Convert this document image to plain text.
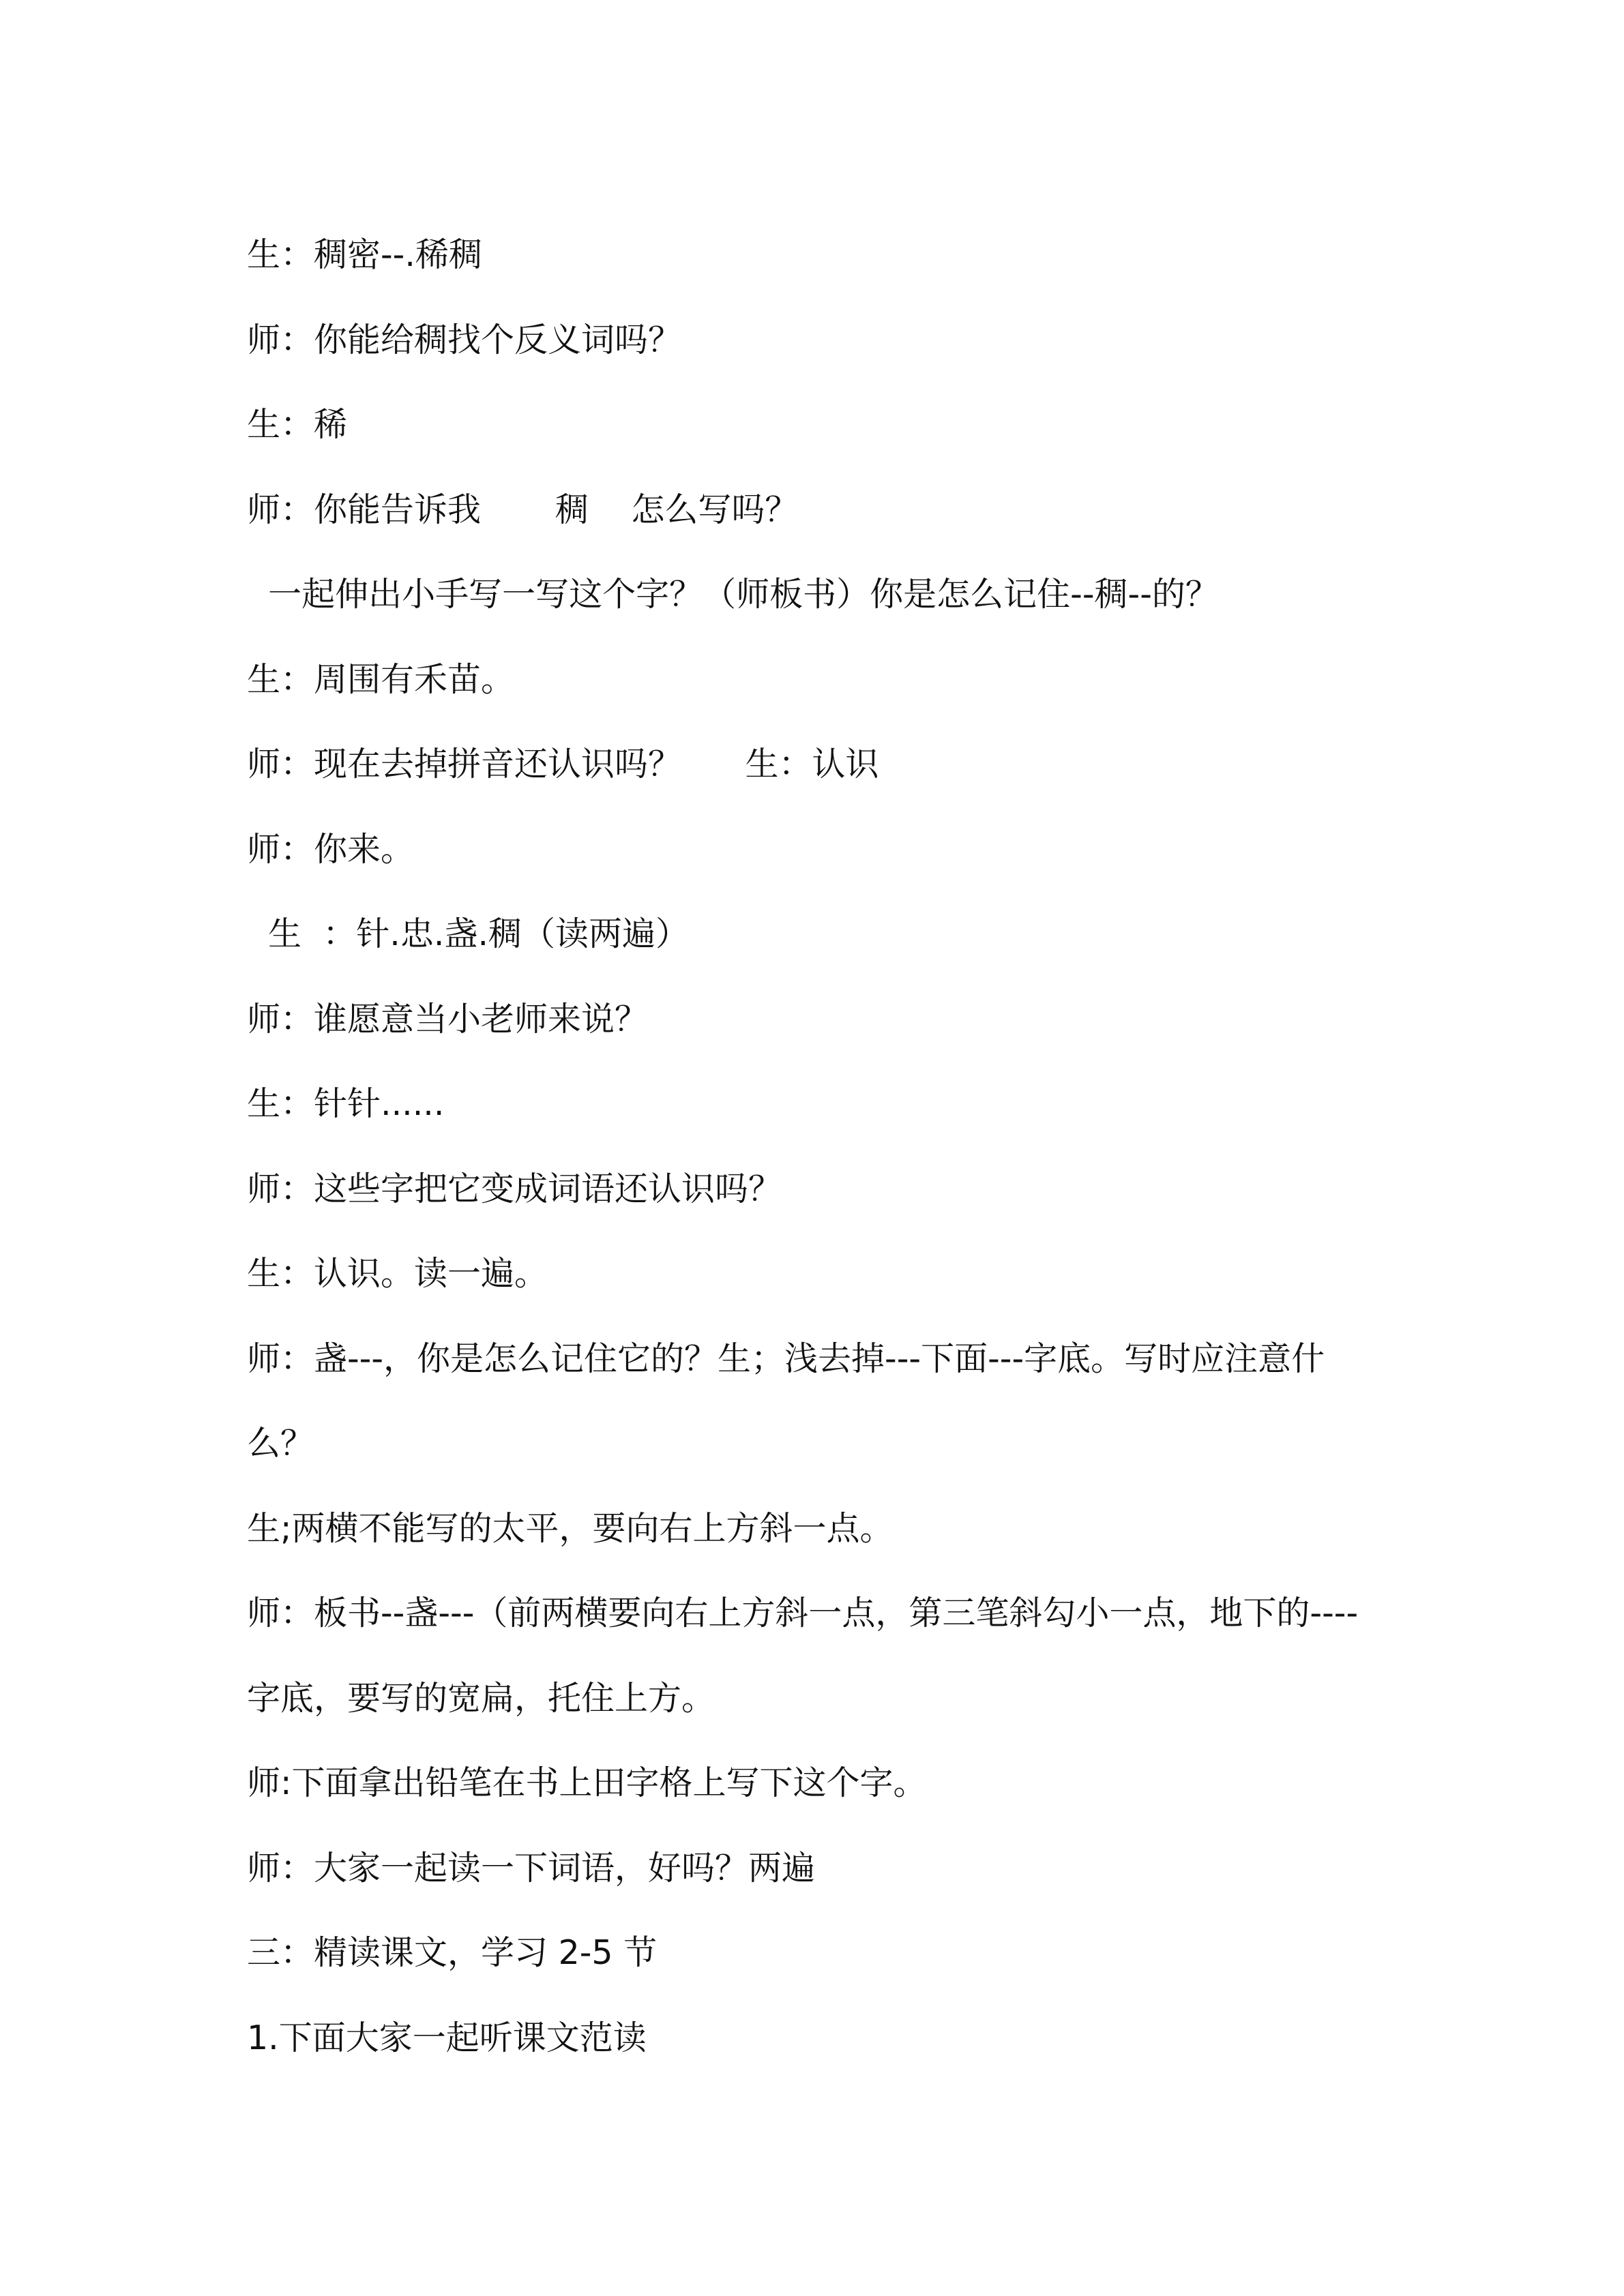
生：稠密--.稀稠
师：你能给稠找个反义词吗？
生：稀
师：你能告诉我       稠    怎么写吗？
一起伸出小手写一写这个字？（师板书）你是怎么记住--稠--的？
生：周围有禾苗。
师：现在去掉拼音还认识吗？      生：认识
师：你来。
生  ：针.忠.盏.稠（读两遍）
师：谁愿意当小老师来说？
生：针针......
师：这些字把它变成词语还认识吗？
生：认识。读一遍。
师：盏---，你是怎么记住它的？生；浅去掉---下面---字底。写时应注意什
么？
生;两横不能写的太平，要向右上方斜一点。
师：板书--盏---（前两横要向右上方斜一点，第三笔斜勾小一点，地下的----
字底，要写的宽扁，托住上方。
师:下面拿出铅笔在书上田字格上写下这个字。
师：大家一起读一下词语，好吗？两遍
三：精读课文，学习 2-5 节
1.下面大家一起听课文范读
